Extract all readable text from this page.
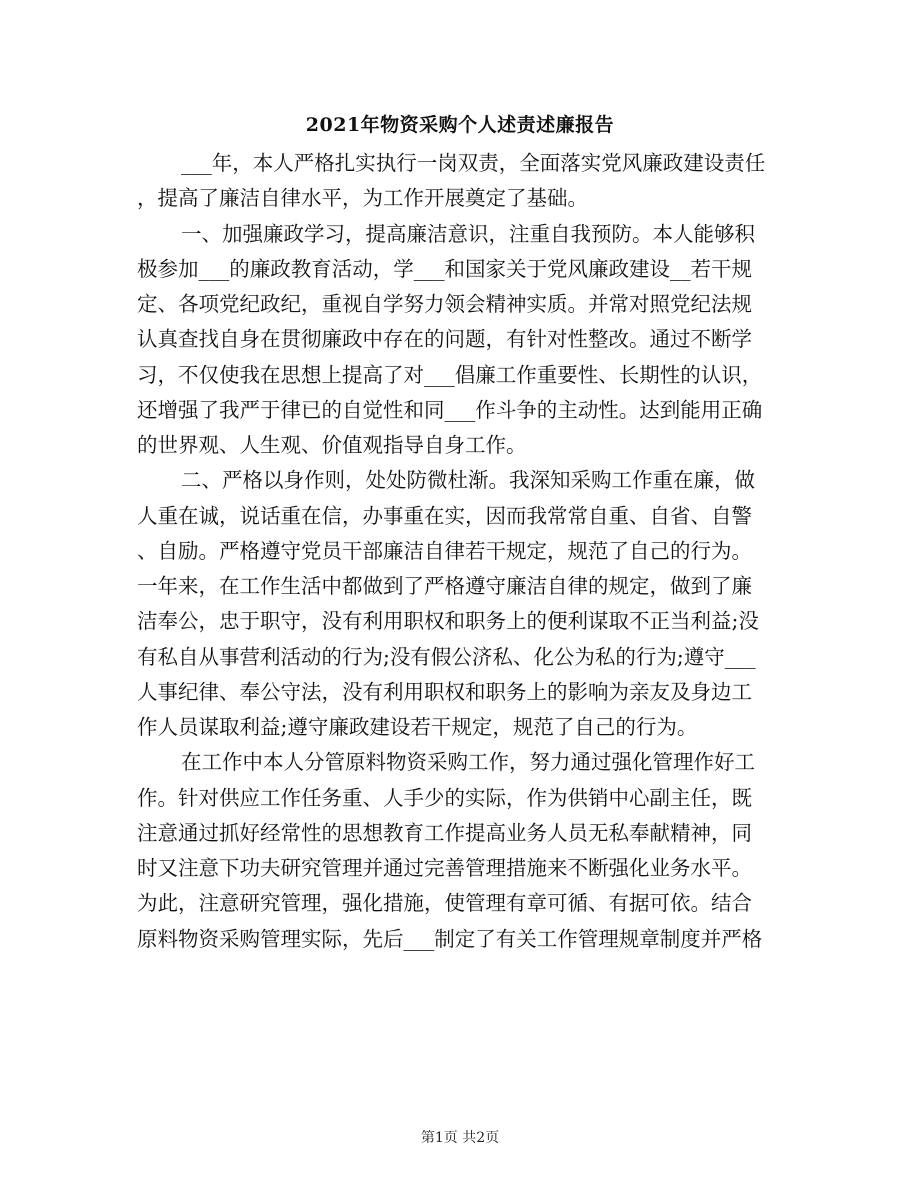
2021年物资采购个人述责述廉报告
___年，本人严格扎实执行一岗双责，全面落实党风廉政建设责任
，提高了廉洁自律水平，为工作开展奠定了基础。
一、加强廉政学习，提高廉洁意识，注重自我预防。本人能够积
极参加___的廉政教育活动，学___和国家关于党风廉政建设__若干规
定、各项党纪政纪，重视自学努力领会精神实质。并常对照党纪法规
认真查找自身在贯彻廉政中存在的问题，有针对性整改。通过不断学
习，不仅使我在思想上提高了对___倡廉工作重要性、长期性的认识，
还增强了我严于律已的自觉性和同___作斗争的主动性。达到能用正确
的世界观、人生观、价值观指导自身工作。
二、严格以身作则，处处防微杜渐。我深知采购工作重在廉，做
人重在诚，说话重在信，办事重在实，因而我常常自重、自省、自警
、自励。严格遵守党员干部廉洁自律若干规定，规范了自己的行为。
一年来，在工作生活中都做到了严格遵守廉洁自律的规定，做到了廉
洁奉公，忠于职守，没有利用职权和职务上的便利谋取不正当利益;没
有私自从事营利活动的行为;没有假公济私、化公为私的行为;遵守___
人事纪律、奉公守法，没有利用职权和职务上的影响为亲友及身边工
作人员谋取利益;遵守廉政建设若干规定，规范了自己的行为。
在工作中本人分管原料物资采购工作，努力通过强化管理作好工
作。针对供应工作任务重、人手少的实际，作为供销中心副主任，既
注意通过抓好经常性的思想教育工作提高业务人员无私奉献精神，同
时又注意下功夫研究管理并通过完善管理措施来不断强化业务水平。
为此，注意研究管理，强化措施，使管理有章可循、有据可依。结合
原料物资采购管理实际，先后___制定了有关工作管理规章制度并严格
第1页 共2页
